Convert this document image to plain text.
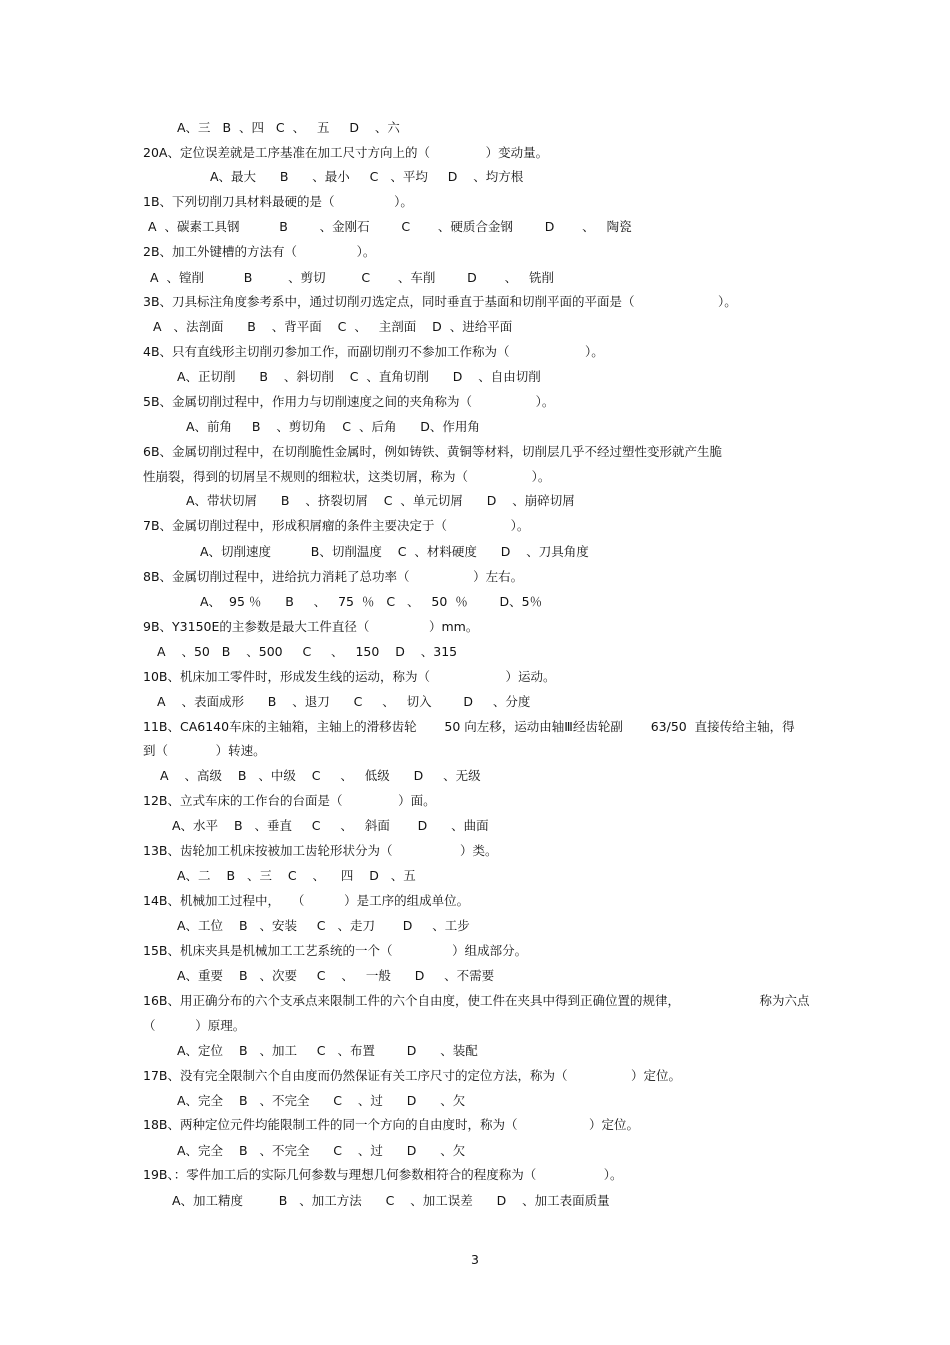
A、三   B  、四   C  、   五     D    、六
20A、定位误差就是工序基准在加工尺寸方向上的（              ）变动量。
A、最大      B      、最小     C   、平均     D    、均方根
1B、下列切削刀具材料最硬的是（               ）。
A  、碳素工具钢          B        、金刚石        C       、硬质合金钢        D       、   陶瓷
2B、加工外键槽的方法有（               ）。
A  、镗削          B         、剪切         C       、车削        D       、   铣削
3B、刀具标注角度参考系中，通过切削刃选定点，同时垂直于基面和切削平面的平面是（                     ）。
A   、法剖面      B    、背平面    C  、   主剖面    D  、进给平面
4B、只有直线形主切削刃参加工作，而副切削刃不参加工作称为（                   ）。
A、正切削      B    、斜切削    C  、直角切削      D    、自由切削
5B、金属切削过程中，作用力与切削速度之间的夹角称为（                ）。
A、前角     B    、剪切角    C  、后角      D、作用角
6B、金属切削过程中，在切削脆性金属时，例如铸铁、黄铜等材料，切削层几乎不经过塑性变形就产生脆
性崩裂，得到的切屑呈不规则的细粒状，这类切屑，称为（                ）。
A、带状切屑      B    、挤裂切屑    C  、单元切屑      D    、崩碎切屑
7B、金属切削过程中，形成积屑瘤的条件主要决定于（                ）。
A、切削速度          B、切削温度    C  、材料硬度      D    、刀具角度
8B、金属切削过程中，进给抗力消耗了总功率（                ）左右。
A、  95 ％      B     、   75  ％   C   、   50  ％        D、5％
9B、Y3150E的主参数是最大工件直径（               ）mm。
A    、50   B    、500     C     、   150    D    、315
10B、机床加工零件时，形成发生线的运动，称为（                   ）运动。
A    、表面成形      B    、退刀      C     、   切入        D     、分度
11B、CA6140车床的主轴箱，主轴上的滑移齿轮       50 向左移，运动由轴Ⅲ经齿轮副       63/50  直接传给主轴，得
到（            ）转速。
A    、高级    B   、中级    C     、   低级      D     、无级
12B、立式车床的工作台的台面是（              ）面。
A、水平    B   、垂直     C     、   斜面       D      、曲面
13B、齿轮加工机床按被加工齿轮形状分为（                 ）类。
A、二    B   、三    C    、    四    D   、五
14B、机械加工过程中，   （          ）是工序的组成单位。
A、工位    B   、安装     C   、走刀       D     、工步
15B、机床夹具是机械加工工艺系统的一个（               ）组成部分。
A、重要    B   、次要     C    、   一般      D     、不需要
16B、用正确分布的六个支承点来限制工件的六个自由度，使工件在夹具中得到正确位置的规律，                    称为六点
（          ）原理。
A、定位    B   、加工     C   、布置        D      、装配
17B、没有完全限制六个自由度而仍然保证有关工序尺寸的定位方法，称为（                ）定位。
A、完全    B   、不完全      C    、过      D      、欠
18B、两种定位元件均能限制工件的同一个方向的自由度时，称为（                  ）定位。
A、完全    B   、不完全      C    、过      D      、欠
19B、：零件加工后的实际几何参数与理想几何参数相符合的程度称为（                 ）。
A、加工精度         B   、加工方法      C    、加工误差      D    、加工表面质量
3
